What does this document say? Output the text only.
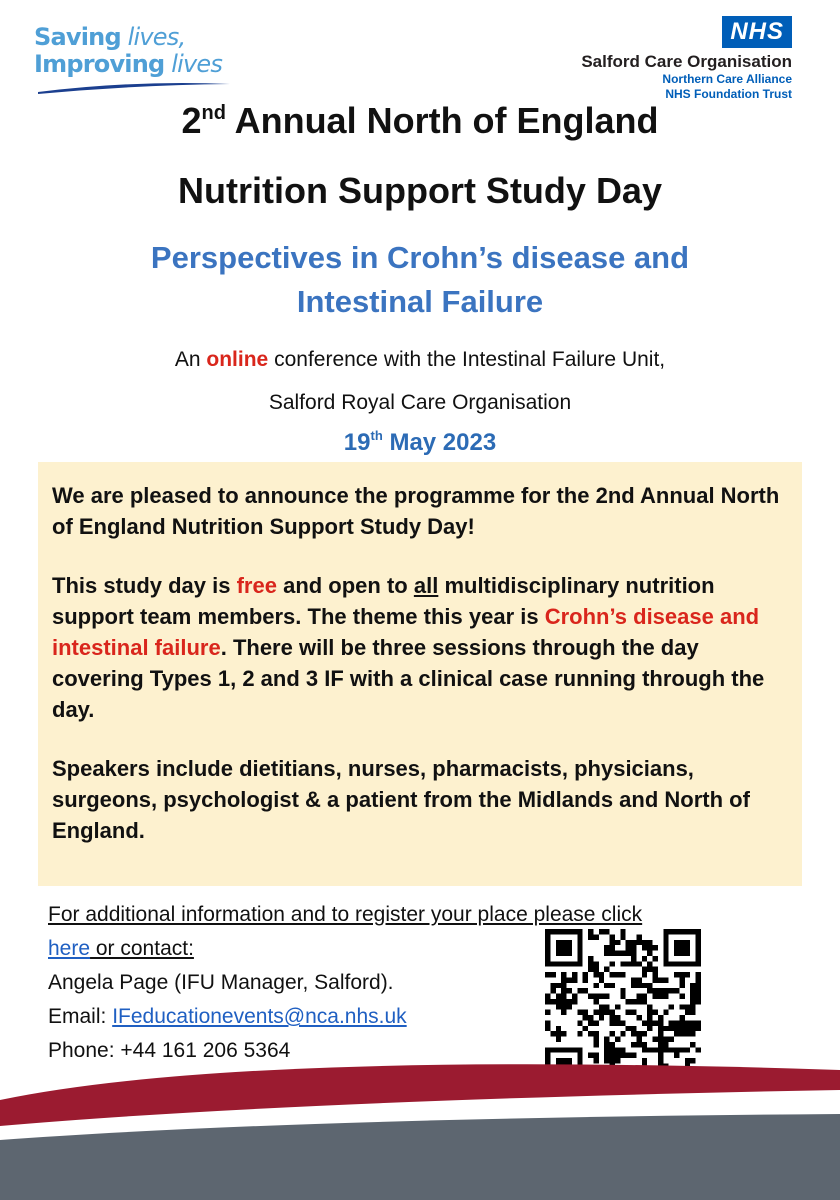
Saving lives,
Improving lives
NHS
Salford Care Organisation
Northern Care Alliance
NHS Foundation Trust
2nd Annual North of England
Nutrition Support Study Day
Perspectives in Crohn’s disease and
Intestinal Failure
An online conference with the Intestinal Failure Unit,
Salford Royal Care Organisation
19th May 2023

We are pleased to announce the programme for the 2nd Annual North of England Nutrition Support Study Day!

This study day is free and open to all multidisciplinary nutrition support team members. The theme this year is Crohn’s disease and intestinal failure. There will be three sessions through the day covering Types 1, 2 and 3 IF with a clinical case running through the day.

Speakers include dietitians, nurses, pharmacists, physicians, surgeons, psychologist & a patient from the Midlands and North of England.

For additional information and to register your place please click
here or contact:
Angela Page (IFU Manager, Salford).
Email: IFeducationevents@nca.nhs.uk
Phone: +44 161 206 5364
